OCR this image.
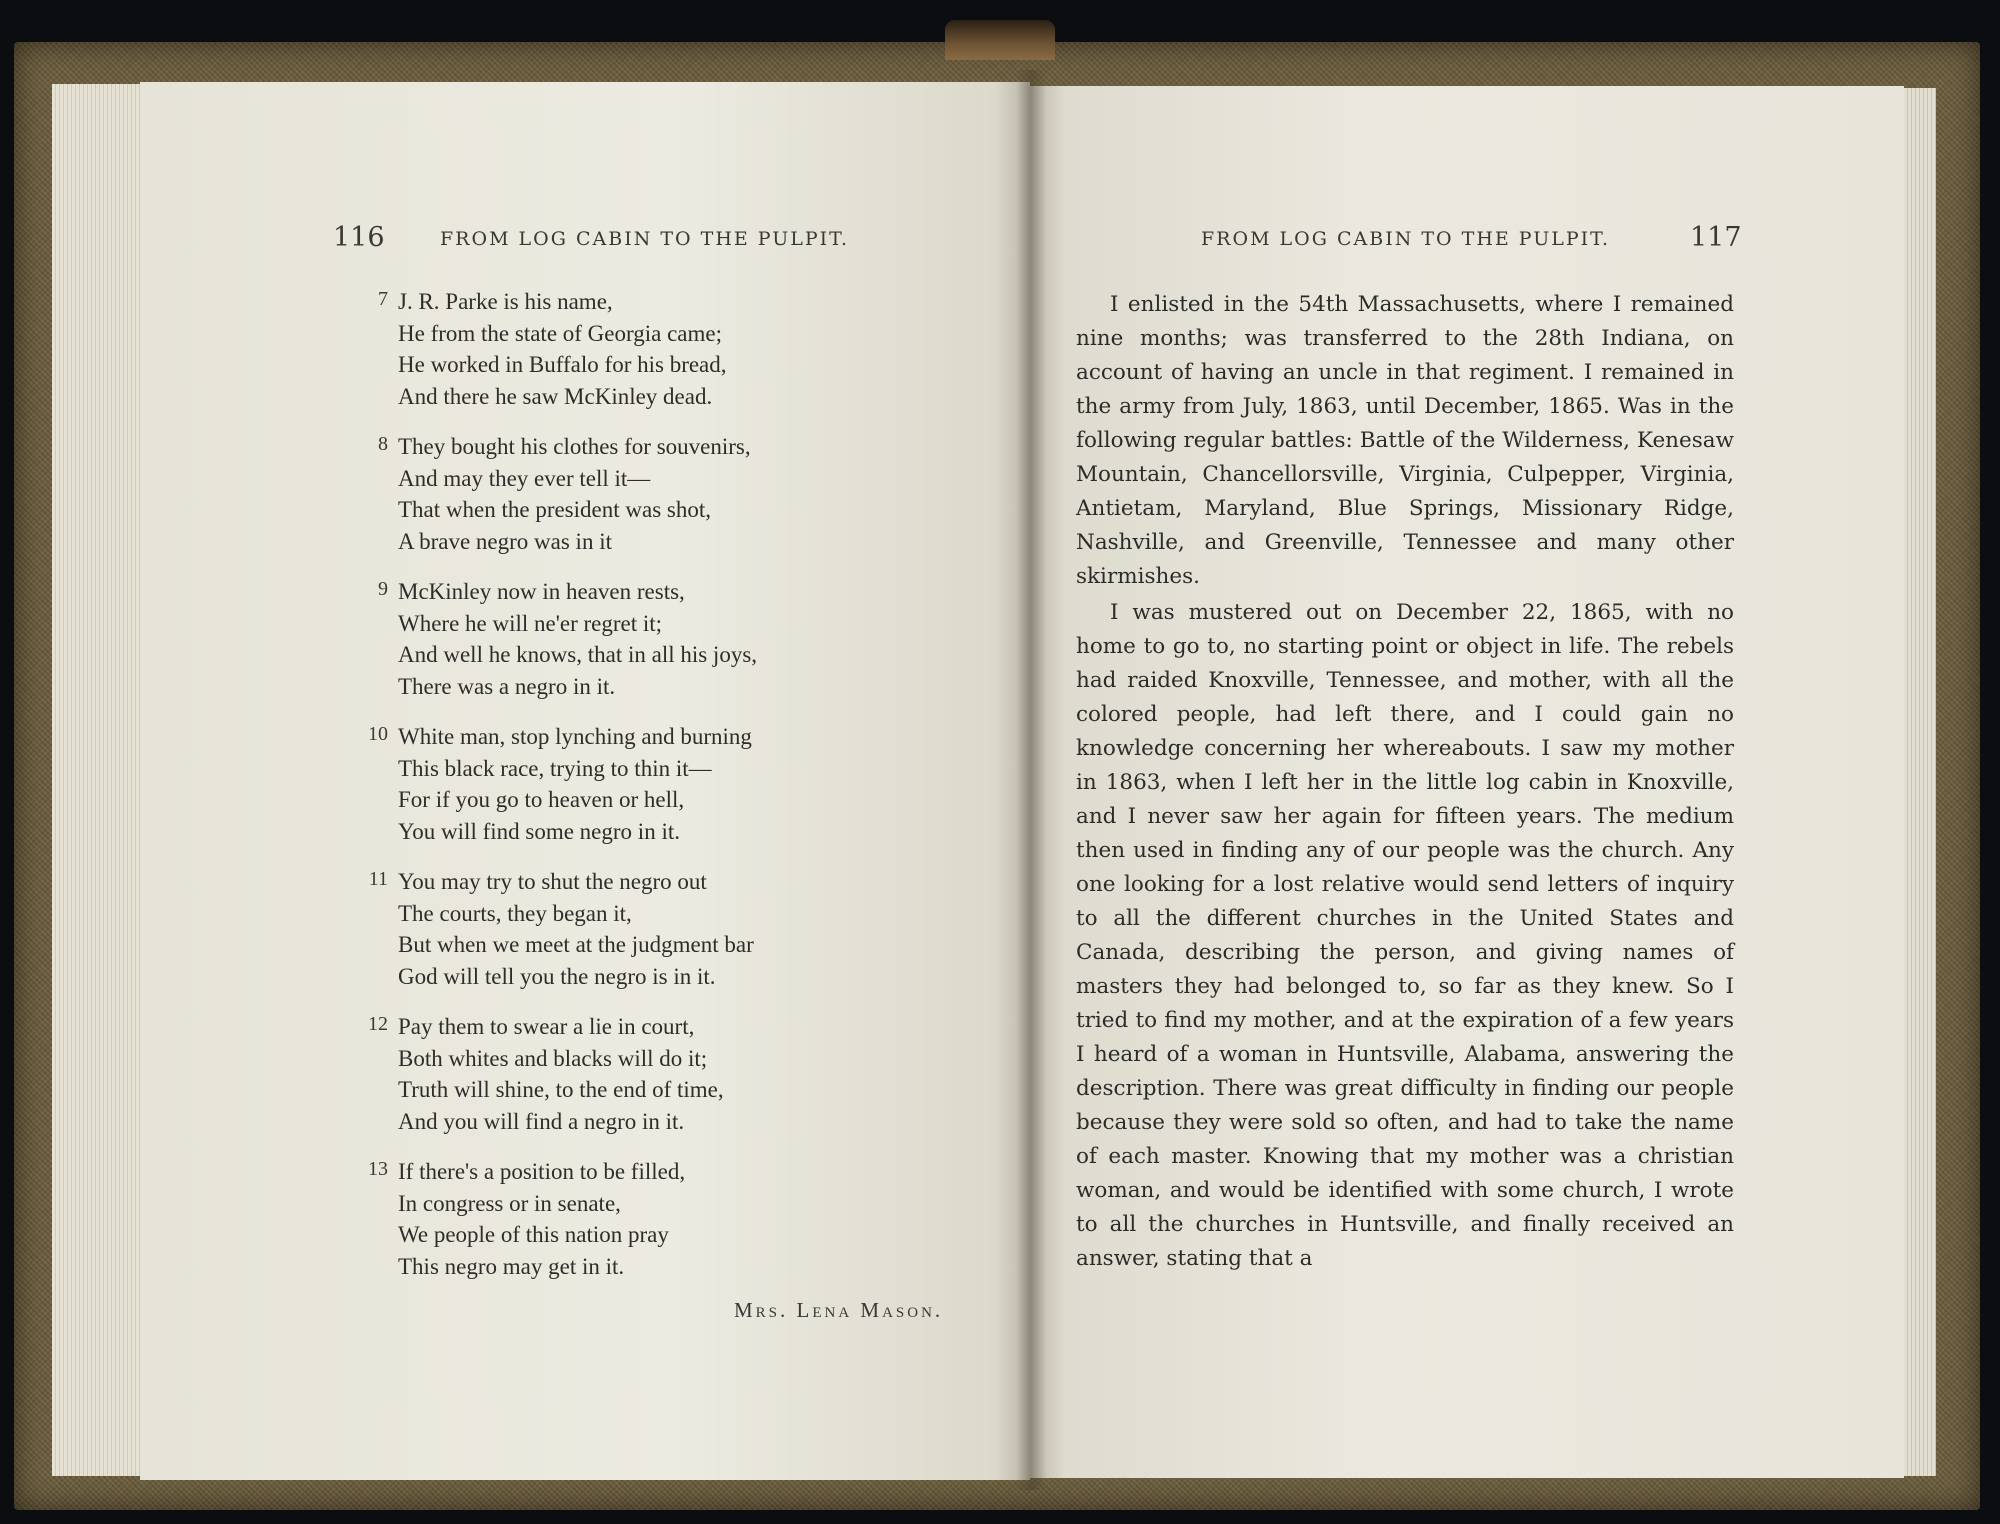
116	FROM LOG CABIN TO THE PULPIT.	FROM LOG CABIN TO THE PULPIT.	117
7 J. R. Parke is his name,
He from the state of Georgia came;
He worked in Buffalo for his bread,
And there he saw McKinley dead.
8 They bought his clothes for souvenirs,
And may they ever tell it—
That when the president was shot,
A brave negro was in it
9 McKinley now in heaven rests,
Where he will ne'er regret it;
And well he knows, that in all his joys,
There was a negro in it.
10 White man, stop lynching and burning
This black race, trying to thin it—
For if you go to heaven or hell,
You will find some negro in it.
11 You may try to shut the negro out
The courts, they began it,
But when we meet at the judgment bar
God will tell you the negro is in it.
12 Pay them to swear a lie in court,
Both whites and blacks will do it;
Truth will shine, to the end of time,
And you will find a negro in it.
13 If there's a position to be filled,
In congress or in senate,
We people of this nation pray
This negro may get in it.
Mrs. Lena Mason.

I enlisted in the 54th Massachusetts, where I remained nine months; was transferred to the 28th Indiana, on account of having an uncle in that regiment. I remained in the army from July, 1863, until December, 1865. Was in the following regular battles: Battle of the Wilderness, Kenesaw Mountain, Chancellorsville, Virginia, Culpepper, Virginia, Antietam, Maryland, Blue Springs, Missionary Ridge, Nashville, and Greenville, Tennessee and many other skirmishes.

I was mustered out on December 22, 1865, with no home to go to, no starting point or object in life. The rebels had raided Knoxville, Tennessee, and mother, with all the colored people, had left there, and I could gain no knowledge concerning her whereabouts. I saw my mother in 1863, when I left her in the little log cabin in Knoxville, and I never saw her again for fifteen years. The medium then used in finding any of our people was the church. Any one looking for a lost relative would send letters of inquiry to all the different churches in the United States and Canada, describing the person, and giving names of masters they had belonged to, so far as they knew. So I tried to find my mother, and at the expiration of a few years I heard of a woman in Huntsville, Alabama, answering the description. There was great difficulty in finding our people because they were sold so often, and had to take the name of each master. Knowing that my mother was a christian woman, and would be identified with some church, I wrote to all the churches in Huntsville, and finally received an answer, stating that a
